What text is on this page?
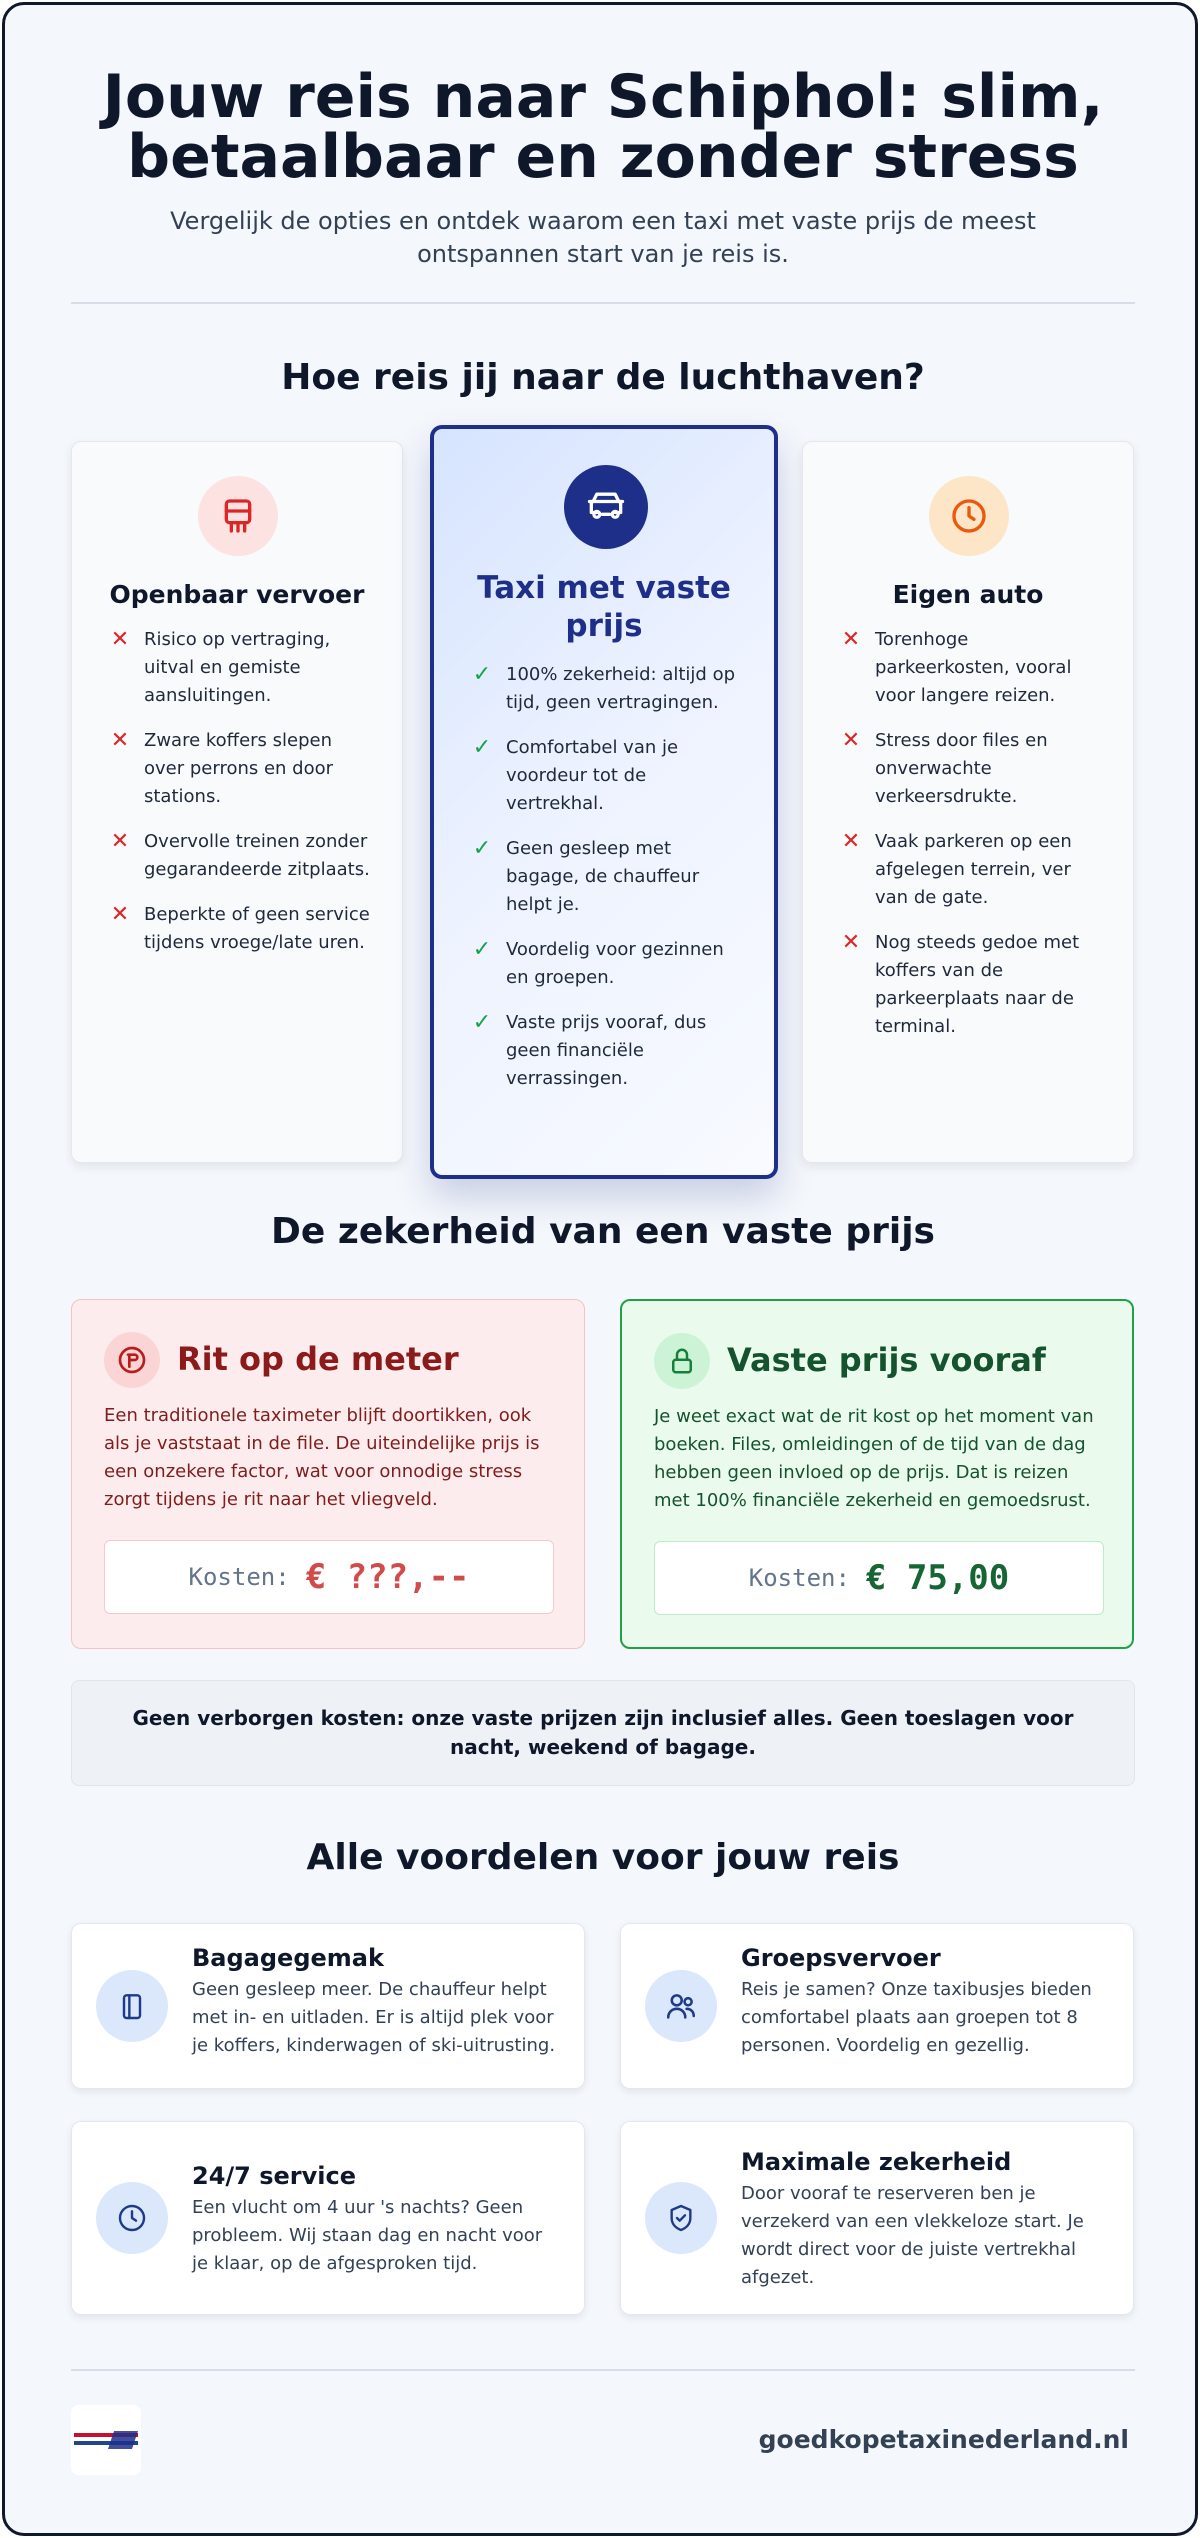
Jouw reis naar Schiphol: slim, betaalbaar en zonder stress

Vergelijk de opties en ontdek waarom een taxi met vaste prijs de meest ontspannen start van je reis is.

Hoe reis jij naar de luchthaven?
Openbaar vervoer
✕ Risico op vertraging, uitval en gemiste aansluitingen.
✕ Zware koffers slepen over perrons en door stations.
✕ Overvolle treinen zonder gegarandeerde zitplaats.
✕ Beperkte of geen service tijdens vroege/late uren.
Taxi met vaste prijs
✓ 100% zekerheid: altijd op tijd, geen vertragingen.
✓ Comfortabel van je voordeur tot de vertrekhal.
✓ Geen gesleep met bagage, de chauffeur helpt je.
✓ Voordelig voor gezinnen en groepen.
✓ Vaste prijs vooraf, dus geen financiële verrassingen.
Eigen auto
✕ Torenhoge parkeerkosten, vooral voor langere reizen.
✕ Stress door files en onverwachte verkeersdrukte.
✕ Vaak parkeren op een afgelegen terrein, ver van de gate.
✕ Nog steeds gedoe met koffers van de parkeerplaats naar de terminal.
De zekerheid van een vaste prijs
Rit op de meter
Een traditionele taximeter blijft doortikken, ook als je vaststaat in de file. De uiteindelijke prijs is een onzekere factor, wat voor onnodige stress zorgt tijdens je rit naar het vliegveld.
Kosten: € ???,--
Vaste prijs vooraf
Je weet exact wat de rit kost op het moment van boeken. Files, omleidingen of de tijd van de dag hebben geen invloed op de prijs. Dat is reizen met 100% financiële zekerheid en gemoedsrust.
Kosten: € 75,00
Geen verborgen kosten: onze vaste prijzen zijn inclusief alles. Geen toeslagen voor nacht, weekend of bagage.
Alle voordelen voor jouw reis
Bagagegemak
Geen gesleep meer. De chauffeur helpt met in- en uitladen. Er is altijd plek voor je koffers, kinderwagen of ski-uitrusting.
Groepsvervoer
Reis je samen? Onze taxibusjes bieden comfortabel plaats aan groepen tot 8 personen. Voordelig en gezellig.
24/7 service
Een vlucht om 4 uur 's nachts? Geen probleem. Wij staan dag en nacht voor je klaar, op de afgesproken tijd.
Maximale zekerheid
Door vooraf te reserveren ben je verzekerd van een vlekkeloze start. Je wordt direct voor de juiste vertrekhal afgezet.
goedkopetaxinederland.nl
